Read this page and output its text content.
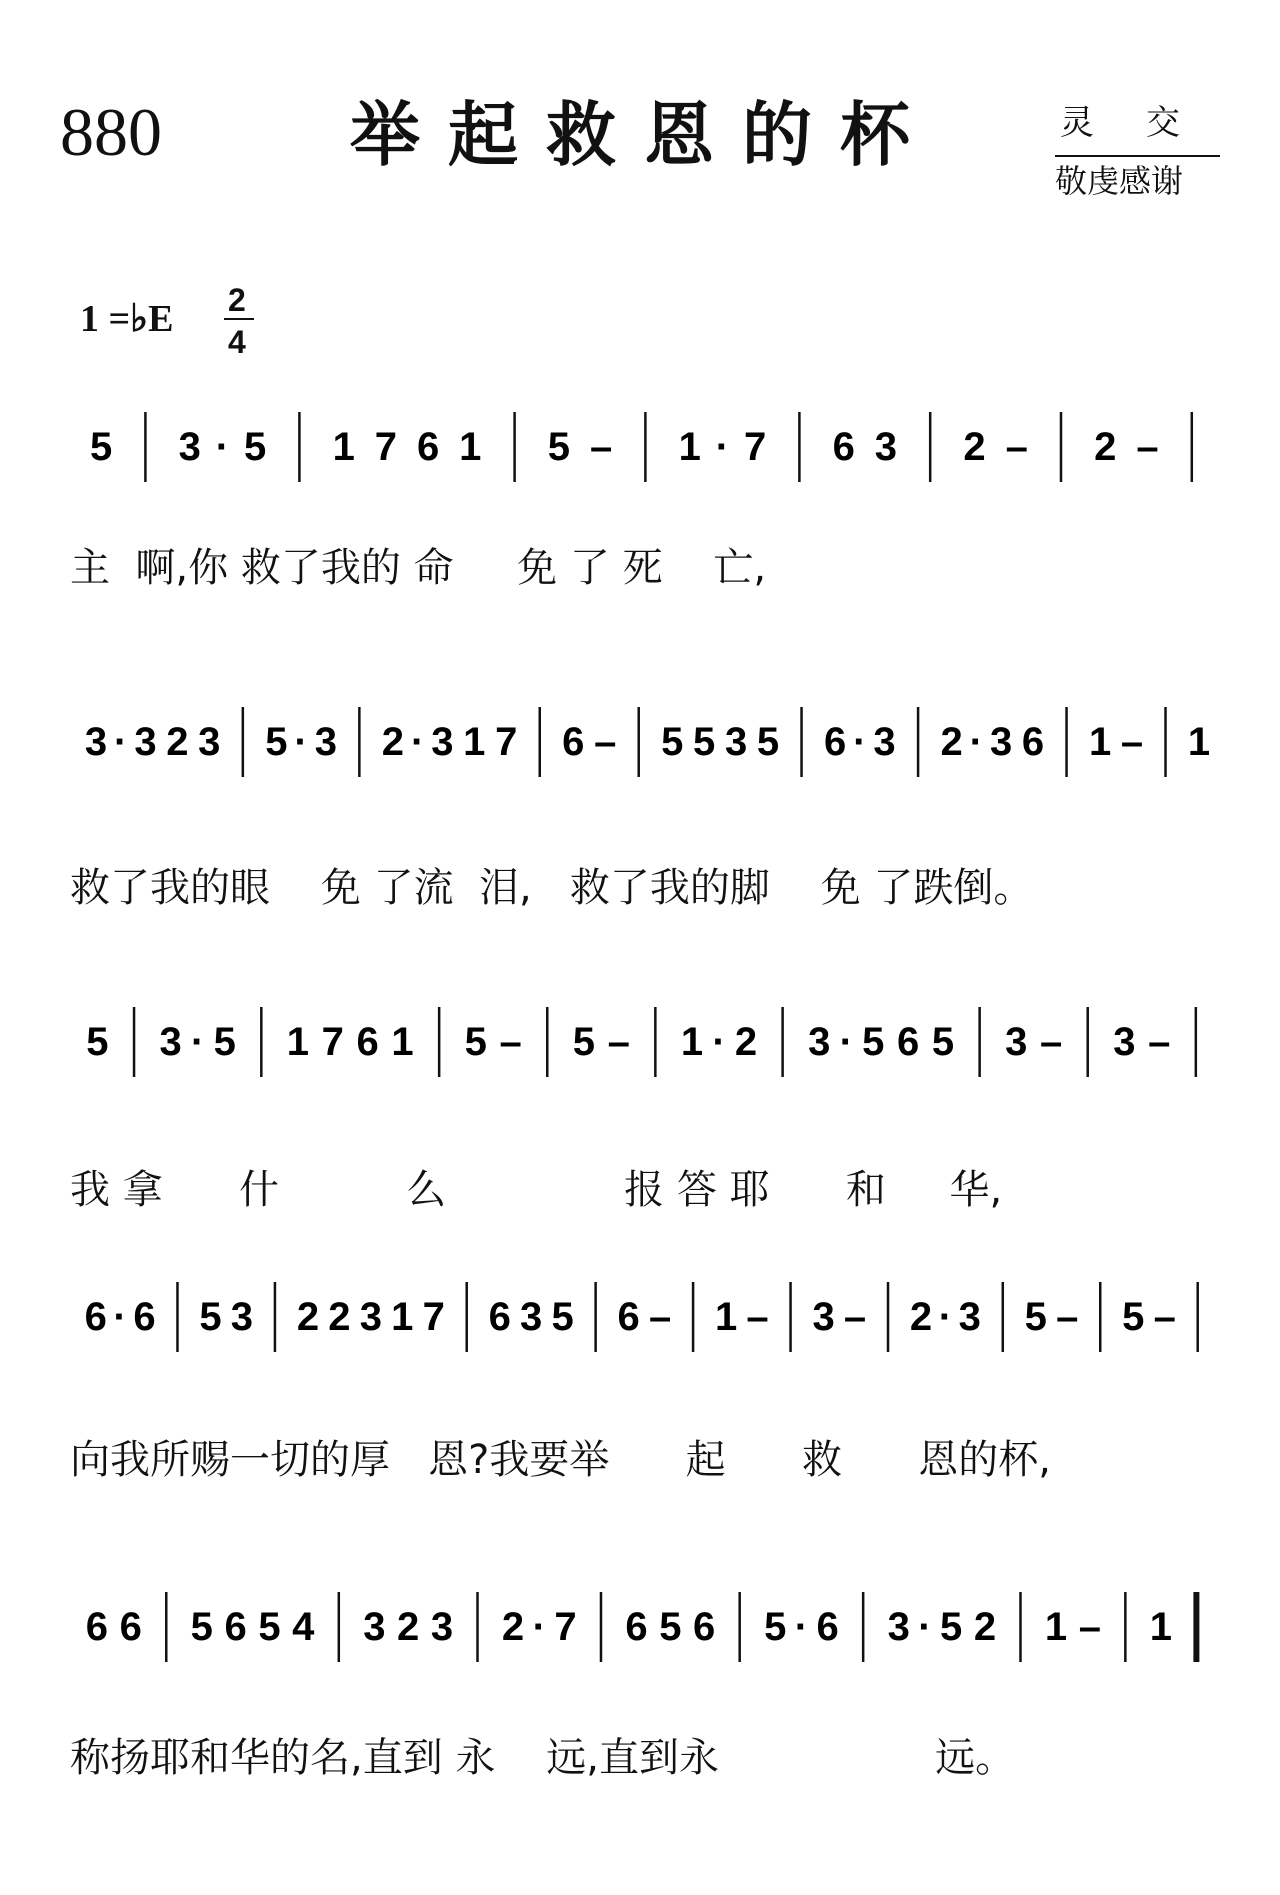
880	举起救恩的杯	灵交
敬虔感谢
1 =♭E 2
4
5 3 · 5 1 7 6 1 5 – 1 · 7 6 3 2 – 2 –
3 · 3 2 3 5 · 3 2 · 3 1 7 6 – 5 5 3 5 6 · 3 2 · 3 6 1 – 1
5 3 · 5 1 7 6 1 5 – 5 – 1 · 2 3 · 5 6 5 3 – 3 –
6 · 6 5 3 2 2 3 1 7 6 3 5 6 – 1 – 3 – 2 · 3 5 – 5 –
6 6 5 6 5 4 3 2 3 2 · 7 6 5 6 5 · 6 3 · 5 2 1 – 1
主  啊,你 救了我的 命     免 了 死    亡,
救了我的眼    免 了流  泪,   救了我的脚    免 了跌倒。
我 拿      什          么              报 答 耶      和     华,
向我所赐一切的厚   恩?我要举      起      救      恩的杯,
称扬耶和华的名,直到 永    远,直到永                 远。
